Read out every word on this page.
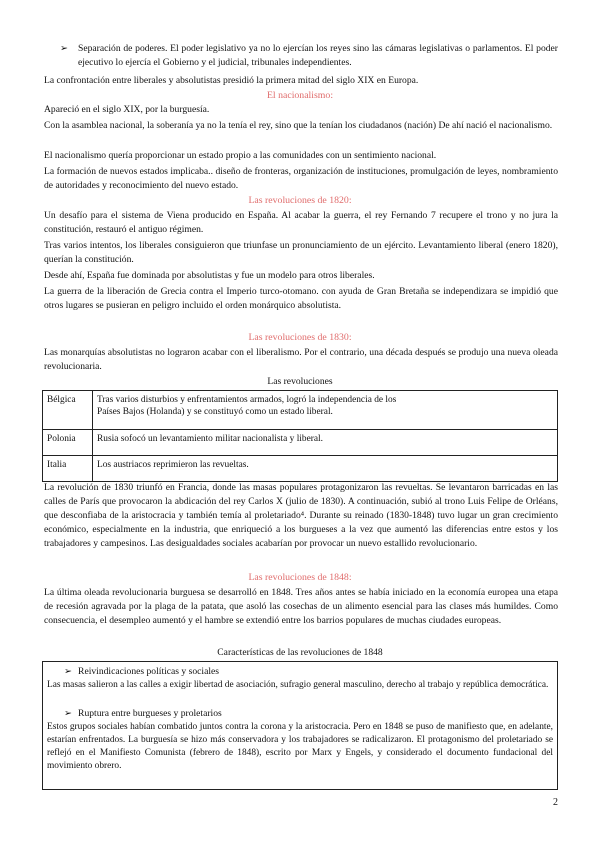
➢	Separación de poderes. El poder legislativo ya no lo ejercían los reyes sino las cámaras legislativas o parlamentos. El poder ejecutivo lo ejercía el Gobierno y el judicial, tribunales independientes.

La confrontación entre liberales y absolutistas presidió la primera mitad del siglo XIX en Europa.

El nacionalismo:

Apareció en el siglo XIX, por la burguesía.

Con la asamblea nacional, la soberanía ya no la tenía el rey, sino que la tenían los ciudadanos (nación) De ahí nació el nacionalismo.

El nacionalismo quería proporcionar un estado propio a las comunidades con un sentimiento nacional.

La formación de nuevos estados implicaba.. diseño de fronteras, organización de instituciones, promulgación de leyes, nombramiento de autoridades y reconocimiento del nuevo estado.

Las revoluciones de 1820:

Un desafío para el sistema de Viena producido en España. Al acabar la guerra, el rey Fernando 7 recupere el trono y no jura la constitución, restauró el antiguo régimen.

Tras varios intentos, los liberales consiguieron que triunfase un pronunciamiento de un ejército. Levantamiento liberal (enero 1820), querían la constitución.

Desde ahí, España fue dominada por absolutistas y fue un modelo para otros liberales.

La guerra de la liberación de Grecia contra el Imperio turco-otomano. con ayuda de Gran Bretaña se independizara se impidió que otros lugares se pusieran en peligro incluido el orden monárquico absolutista.

Las revoluciones de 1830:

Las monarquías absolutistas no lograron acabar con el liberalismo. Por el contrario, una década después se produjo una nueva oleada revolucionaria.

Las revoluciones
Bélgica	Tras varios disturbios y enfrentamientos armados, logró la independencia de los
Países Bajos (Holanda) y se constituyó como un estado liberal.

Polonia	Rusia sofocó un levantamiento militar nacionalista y liberal.
Italia	Los austriacos reprimieron las revueltas.

La revolución de 1830 triunfó en Francia, donde las masas populares protagonizaron las revueltas. Se levantaron barricadas en las calles de París que provocaron la abdicación del rey Carlos X (julio de 1830). A continuación, subió al trono Luis Felipe de Orléans, que desconfiaba de la aristocracia y también temía al proletariado⁴. Durante su reinado (1830-1848) tuvo lugar un gran crecimiento económico, especialmente en la industria, que enriqueció a los burgueses a la vez que aumentó las diferencias entre estos y los trabajadores y campesinos. Las desigualdades sociales acabarían por provocar un nuevo estallido revolucionario.

Las revoluciones de 1848:

La última oleada revolucionaria burguesa se desarrolló en 1848. Tres años antes se había iniciado en la economía europea una etapa de recesión agravada por la plaga de la patata, que asoló las cosechas de un alimento esencial para las clases más humildes. Como consecuencia, el desempleo aumentó y el hambre se extendió entre los barrios populares de muchas ciudades europeas.

Características de las revoluciones de 1848
➢ Reivindicaciones políticas y sociales
Las masas salieron a las calles a exigir libertad de asociación, sufragio general masculino, derecho al trabajo y república democrática.
➢ Ruptura entre burgueses y proletarios
Estos grupos sociales habían combatido juntos contra la corona y la aristocracia. Pero en 1848 se puso de manifiesto que, en adelante, estarían enfrentados. La burguesía se hizo más conservadora y los trabajadores se radicalizaron. El protagonismo del proletariado se reflejó en el Manifiesto Comunista (febrero de 1848), escrito por Marx y Engels, y considerado el documento fundacional del movimiento obrero.
2
